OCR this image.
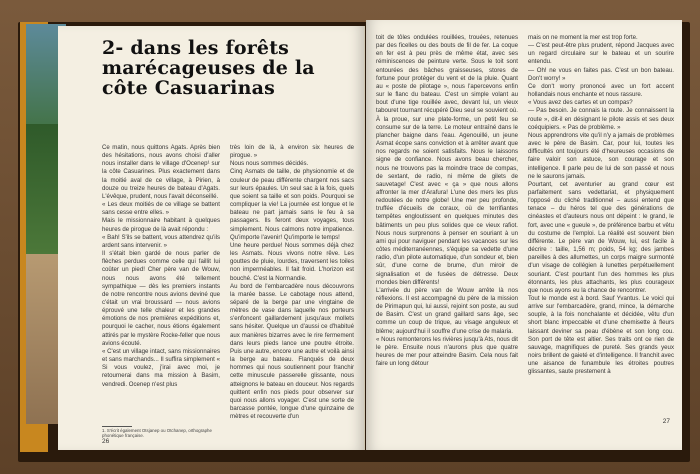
2- dans les forêts marécageuses de la côte Casuarinas

Ce matin, nous quittons Agats. Après bien des hésitations, nous avons choisi d'aller nous installer dans le village d'Ocenep¹ sur la côte Casuarines. Plus exactement dans la moitié aval de ce village, à Pirien, à douze ou treize heures de bateau d'Agats. L'évêque, prudent, nous l'avait déconseillé.

« Les deux moitiés de ce village se battent sans cesse entre elles. »

Mais le missionnaire habitant à quelques heures de pirogue de là avait répondu :

« Bah! S'ils se battent, vous attendrez qu'ils ardent sans intervenir. »

Il s'était bien gardé de nous parler de flèches perdues comme celle qui faillit lui coûter un pied! Cher père van de Wouw, nous nous avons été tellement sympathique — dès les premiers instants de notre rencontre nous avions deviné que c'était un vrai broussard — nous avions éprouvé une telle chaleur et les grandes émotions de nos premières expéditions et, pourquoi le cacher, nous étions également attirés par le mystère Rocke-feller que nous avions écouté.

« C'est un village intact, sans missionnaires et sans marchands... Il suffira simplement « Si vous voulez, j'irai avec moi, je retournerai dans ma mission à Basim, vendredi. Ocenep n'est plus

très loin de là, à environ six heures de pirogue. »

Nous nous sommes décidés.

Cinq Asmats de taille, de physionomie et de couleur de peau différente chargent nos sacs sur leurs épaules. Un seul sac à la fois, quels que soient sa taille et son poids. Pourquoi se compliquer la vie! La journée est longue et le bateau ne part jamais sans le feu à sa passagers. Ils feront deux voyages, tous simplement. Nous calmons notre impatience. Qu'importe l'avenir! Qu'importe le temps!

Une heure perdue! Nous sommes déjà chez les Asmats. Nous vivons notre rêve. Les gouttes de pluie, lourdes, traversent les toiles non imperméables. Il fait froid. L'horizon est bouché. C'est la Normandie.

Au bord de l'embarcadère nous découvrons la marée basse. Le cabotage nous attend, séparé de la berge par une vingtaine de mètres de vase dans laquelle nos porteurs s'enfoncent gaillardement jusqu'aux mollets sans hésiter. Quelque un d'aussi ce d'habitué aux manières bizarres avec le rire fermement dans leurs pieds lance une poutre étroite. Puis une autre, encore une autre et voilà ainsi la berge au bateau. Flanqués de deux hommes qui nous soutiennent pour franchir cette minuscule passerelle glissante, nous atteignons le bateau en douceur. Nos regards quittent enfin nos pieds pour observer sur quoi nous allons voyager. C'est une sorte de barcasse pontée, longue d'une quinzaine de mètres et recouverte d'un

1. S'écrit également Otsjanep ou Otchanep, orthographe phonétique française.
26

toit de tôles ondulées rouillées, trouées, retenues par des ficelles ou des bouts de fil de fer. La coque en fer est à peu près de même état, avec ses réminiscences de peinture verte. Sous le toit sont entourées des bâches graisseuses, stores de fortune pour protéger du vent et de la pluie. Quant au « poste de pilotage », nous l'apercevons enfin sur le flanc du bateau. C'est un simple volant au bout d'une tige rouillée avec, devant lui, un vieux tabouret tournant récupéré Dieu seul se souvient où. À la proue, sur une plate-forme, un petit feu se consume sur de la terre. Le moteur entraîné dans le plancher baigne dans l'eau. Agenouillé, un jeune Asmat écope sans conviction et à arrêter avant que nos regards ne soient satisfaits. Nous le laissons signe de confiance. Nous avons beau chercher, nous ne trouvons pas la moindre trace de compas, de sextant, de radio, ni même de gilets de sauvetage! C'est avec « ça » que nous allons affronter la mer d'Arafura! L'une des mers les plus redoutées de notre globe! Une mer peu profonde, truffée d'écueils de coraux, où de terrifiantes tempêtes engloutissent en quelques minutes des bâtiments un peu plus solides que ce vieux rafiot. Nous nous surprenons à penser en souriant à un ami qui pour naviguer pendant les vacances sur les côtes méditerranéennes, s'équipe sa vedette d'une radio, d'un pilote automatique, d'un sondeur et, bien sûr, d'une corne de brume, d'un miroir de signalisation et de fusées de détresse. Deux mondes bien différents!

L'arrivée du père van de Wouw arrête là nos réflexions. Il est accompagné du père de la mission de Pirimapun qui, lui aussi, rejoint son poste, au sud de Basim. C'est un grand gaillard sans âge, sec comme un coup de trique, au visage anguleux et blême; aujourd'hui il souffre d'une crise de malaria.

« Nous remonterons les rivières jusqu'à Ats, nous dit le père. Ensuite nous n'aurons plus que quatre heures de mer pour atteindre Basim. Cela nous fait faire un long détour

mais on ne moment la mer est trop forte.

— C'est peut-être plus prudent, répond Jacques avec un regard circulaire sur le bateau et un sourire entendu.

— Oh! ne vous en faites pas. C'est un bon bateau. Don't worry! »

Ce don't worry prononcé avec un fort accent hollandais nous enchante et nous rassure.

« Vous avez des cartes et un compas?

— Pas besoin. Je connais la route. Je connaissent la route », dit-il en désignant le pilote assis et ses deux coéquipiers. « Pas de problème. »

Nous apprendrons vite qu'il n'y a jamais de problèmes avec le père de Basim. Car, pour lui, toutes les difficultés ont toujours été d'heureuses occasions de faire valoir son astuce, son courage et son intelligence. Il parle peu de lui de son passé et nous ne le saurons jamais.

Pourtant, cet aventurier au grand cœur est parfaitement sans vedettariat, et physiquement l'opposé du cliché traditionnel – aussi entend que tenace – du héros tel que des générations de cinéastes et d'auteurs nous ont dépeint : le grand, le fort, avec une « gueule », de préférence barbu et vêtu du costume de l'emploi. La réalité est souvent bien différente. Le père van de Wouw, lui, est facile à décrire : taille, 1,56 m; poids, 54 kg; des jambes pareilles à des allumettes, un corps maigre surmonté d'un visage de collégien à lunettes perpétuellement souriant. C'est pourtant l'un des hommes les plus étonnants, les plus attachants, les plus courageux que nous ayons eu la chance de rencontrer.

Tout le monde est à bord. Sauf Yvantus. Le voici qui arrive sur l'embarcadère, grand, mince, la démarche souple, à la fois nonchalante et décidée, vêtu d'un short blanc impeccable et d'une chemisette à fleurs laissant deviner sa peau d'ébène et son long cou. Son port de tête est altier. Ses traits ont ce rien de sauvage, magnifiques de pureté. Ses grands yeux noirs brillent de gaieté et d'intelligence. Il franchit avec une aisance de funambule les étroites poutres glissantes, saute prestement à

27
